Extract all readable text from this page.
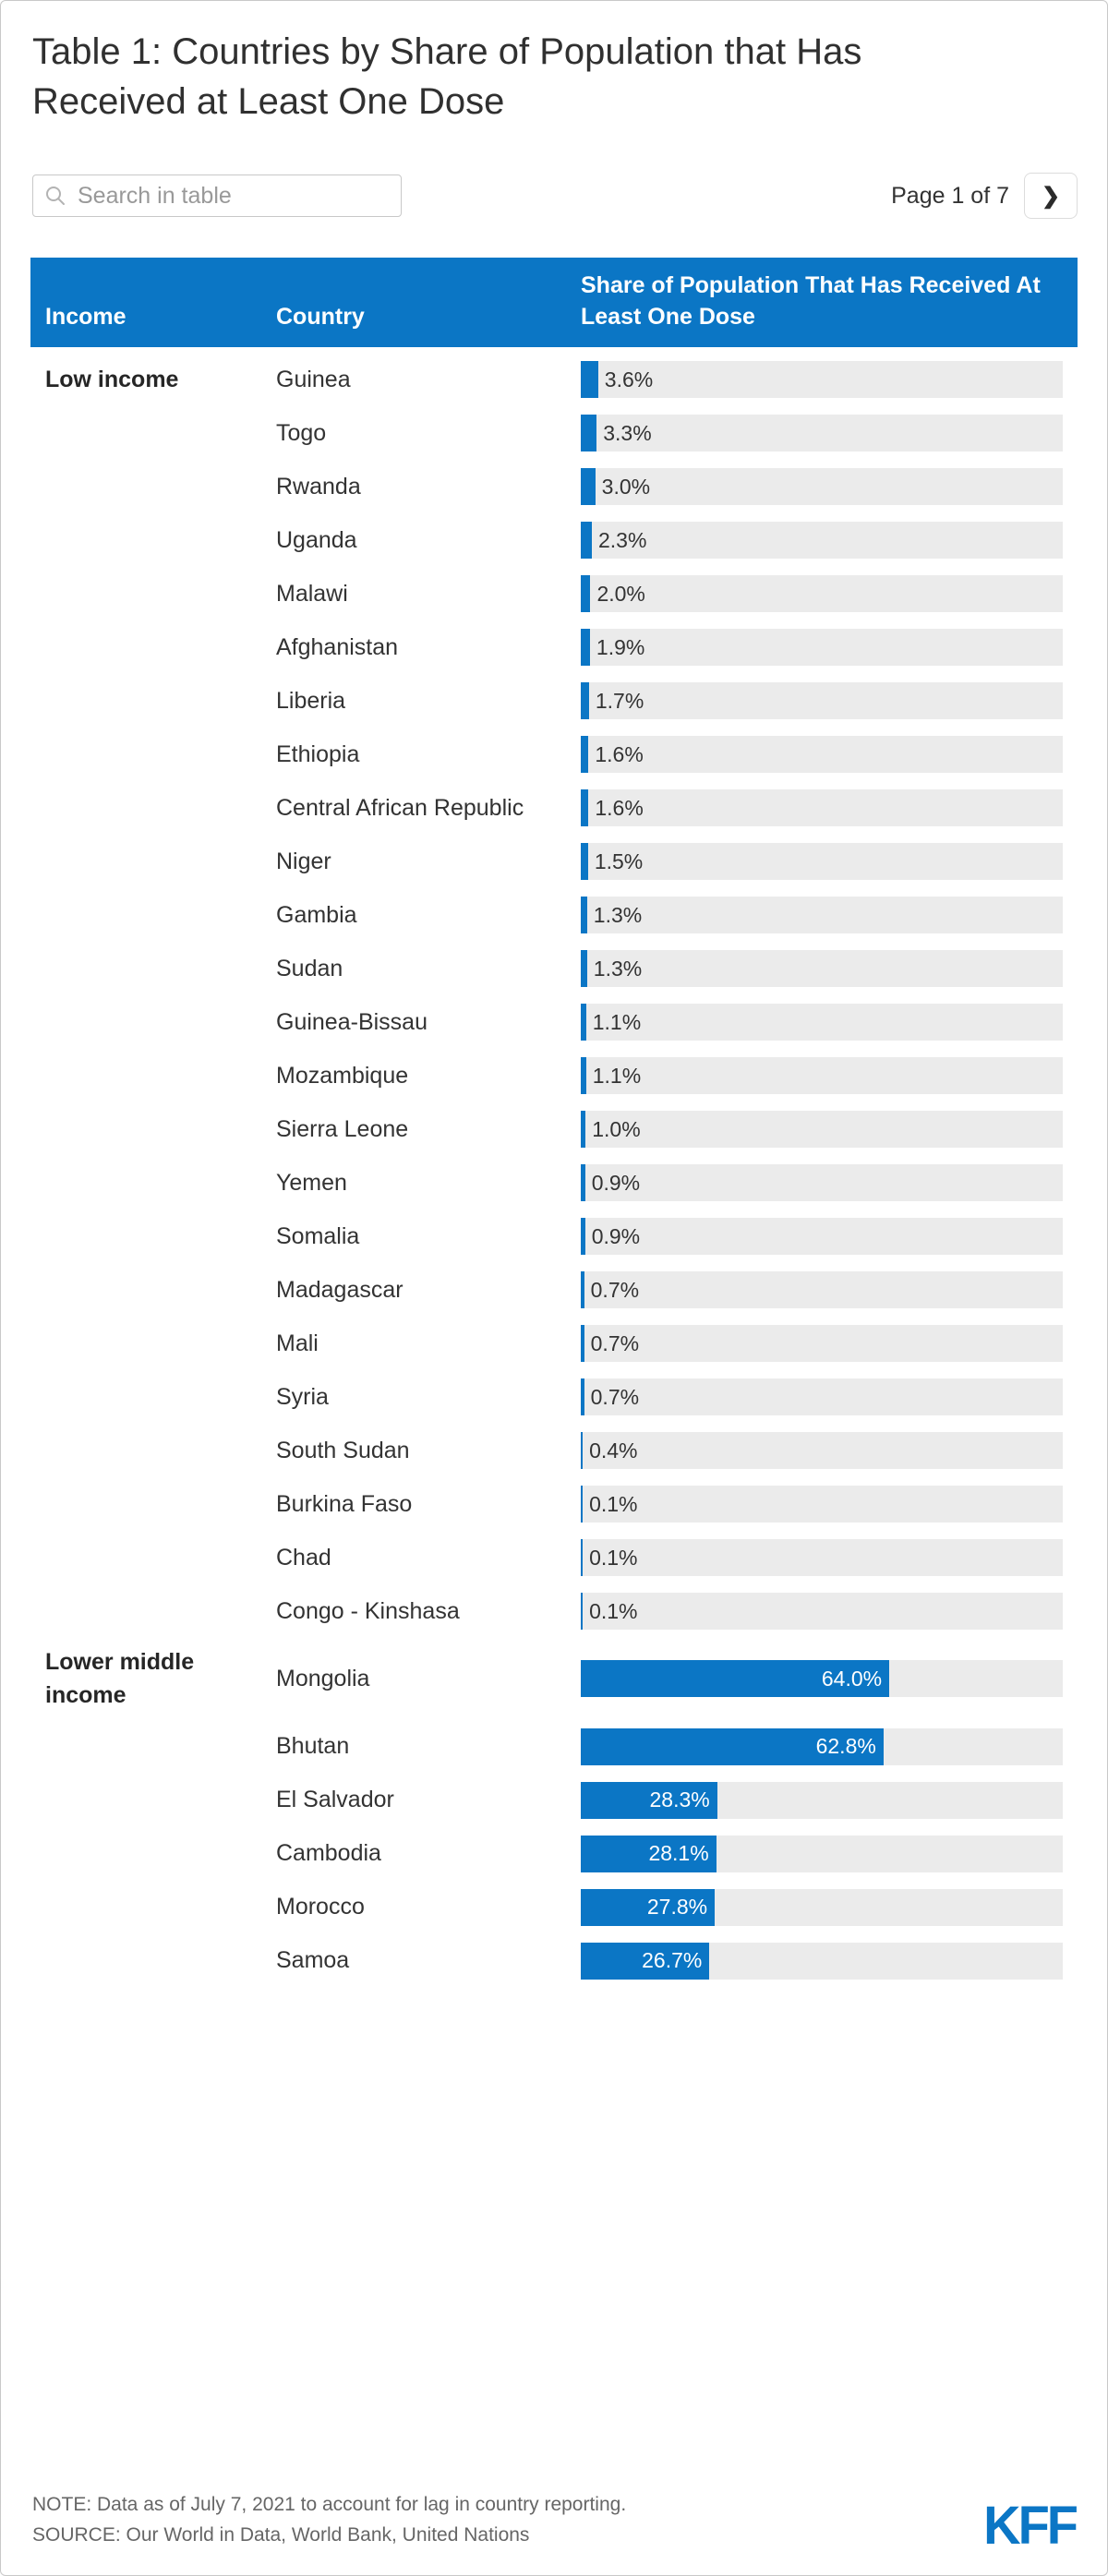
Table 1: Countries by Share of Population that Has Received at Least One Dose
Search in table
Page 1 of 7 ❯
Income	Country
Share of Population That Has Received At Least One Dose
Low income	Guinea	3.6%
Togo	3.3%
Rwanda	3.0%
Uganda	2.3%
Malawi	2.0%
Afghanistan	1.9%
Liberia	1.7%
Ethiopia	1.6%
Central African Republic	1.6%
Niger	1.5%
Gambia	1.3%
Sudan	1.3%
Guinea-Bissau	1.1%
Mozambique	1.1%
Sierra Leone	1.0%
Yemen	0.9%
Somalia	0.9%
Madagascar	0.7%
Mali	0.7%
Syria	0.7%
South Sudan	0.4%
Burkina Faso	0.1%
Chad	0.1%
Congo - Kinshasa	0.1%
Lower middle income
Mongolia	64.0%
Bhutan	62.8%
El Salvador	28.3%
Cambodia	28.1%
Morocco	27.8%
Samoa	26.7%
NOTE: Data as of July 7, 2021 to account for lag in country reporting.
SOURCE: Our World in Data, World Bank, United Nations	KFF
